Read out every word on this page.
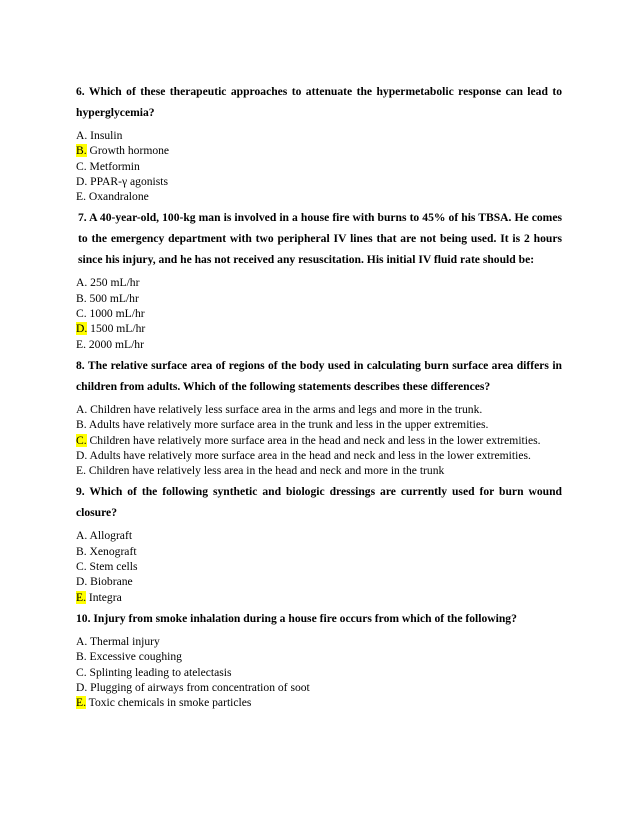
6. Which of these therapeutic approaches to attenuate the hypermetabolic response can lead to hyperglycemia?

A. Insulin
B. Growth hormone
C. Metformin
D. PPAR-γ agonists
E. Oxandralone

7. A 40-year-old, 100-kg man is involved in a house fire with burns to 45% of his TBSA. He comes to the emergency department with two peripheral IV lines that are not being used. It is 2 hours since his injury, and he has not received any resuscitation. His initial IV fluid rate should be:

A. 250 mL/hr
B. 500 mL/hr
C. 1000 mL/hr
D. 1500 mL/hr
E. 2000 mL/hr

8. The relative surface area of regions of the body used in calculating burn surface area differs in children from adults. Which of the following statements describes these differences?

A. Children have relatively less surface area in the arms and legs and more in the trunk.
B. Adults have relatively more surface area in the trunk and less in the upper extremities.
C. Children have relatively more surface area in the head and neck and less in the lower extremities.
D. Adults have relatively more surface area in the head and neck and less in the lower extremities.
E. Children have relatively less area in the head and neck and more in the trunk

9. Which of the following synthetic and biologic dressings are currently used for burn wound closure?

A. Allograft
B. Xenograft
C. Stem cells
D. Biobrane
E. Integra

10. Injury from smoke inhalation during a house fire occurs from which of the following?

A. Thermal injury
B. Excessive coughing
C. Splinting leading to atelectasis
D. Plugging of airways from concentration of soot
E. Toxic chemicals in smoke particles
